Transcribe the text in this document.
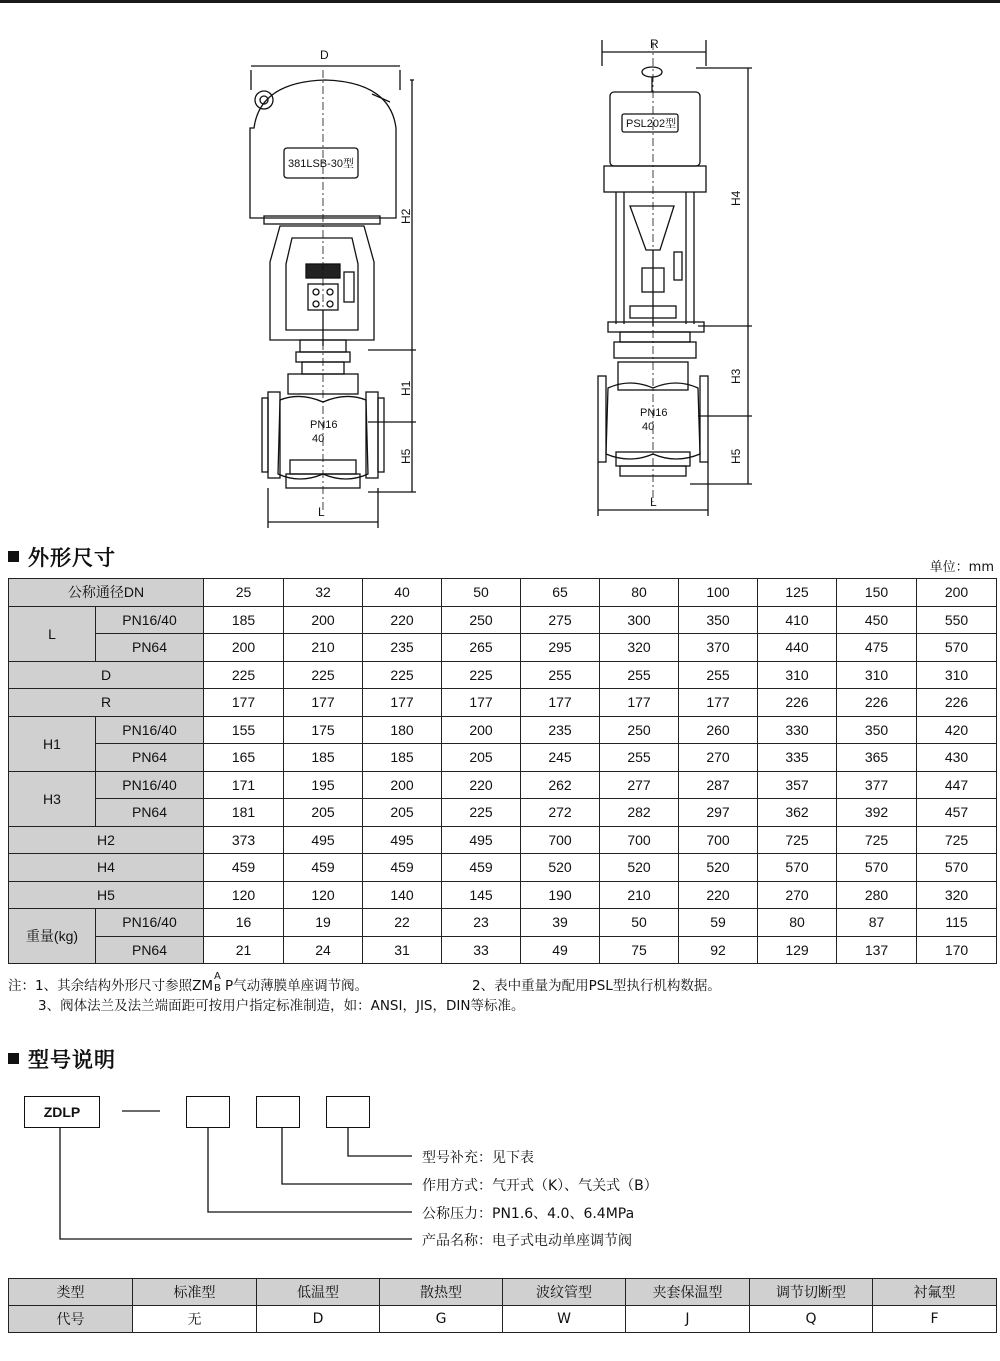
D
L
381LSB-30型
PN16
40
H2
H1
H5
R
L
PSL202型
PN16
40
H4
H3
H5
外形尺寸	单位：mm
公称通径DN		25	32	40	50	65	80	100	125	150	200
L	PN16/40	185	200	220	250	275	300	350	410	450	550
	PN64	200	210	235	265	295	320	370	440	475	570
D		225	225	225	225	255	255	255	310	310	310
R		177	177	177	177	177	177	177	226	226	226
H1	PN16/40	155	175	180	200	235	250	260	330	350	420
	PN64	165	185	185	205	245	255	270	335	365	430
H3	PN16/40	171	195	200	220	262	277	287	357	377	447
	PN64	181	205	205	225	272	282	297	362	392	457
H2		373	495	495	495	700	700	700	725	725	725
H4		459	459	459	459	520	520	520	570	570	570
H5		120	120	140	145	190	210	220	270	280	320
重量(kg)	PN16/40	16	19	22	23	39	50	59	80	87	115
	PN64	21	24	31	33	49	75	92	129	137	170
注：1、其余结构外形尺寸参照ZM
A
B P气动薄膜单座调节阀。	2、表中重量为配用PSL型执行机构数据。
3、阀体法兰及法兰端面距可按用户指定标准制造，如：ANSI，JIS，DIN等标准。
型号说明
ZDLP
型号补充：见下表
作用方式：气开式（K）、气关式（B）
公称压力：PN1.6、4.0、6.4MPa
产品名称：电子式电动单座调节阀
类型	标准型	低温型	散热型	波纹管型	夹套保温型	调节切断型	衬氟型
代号	无	D	G	W	J	Q	F
